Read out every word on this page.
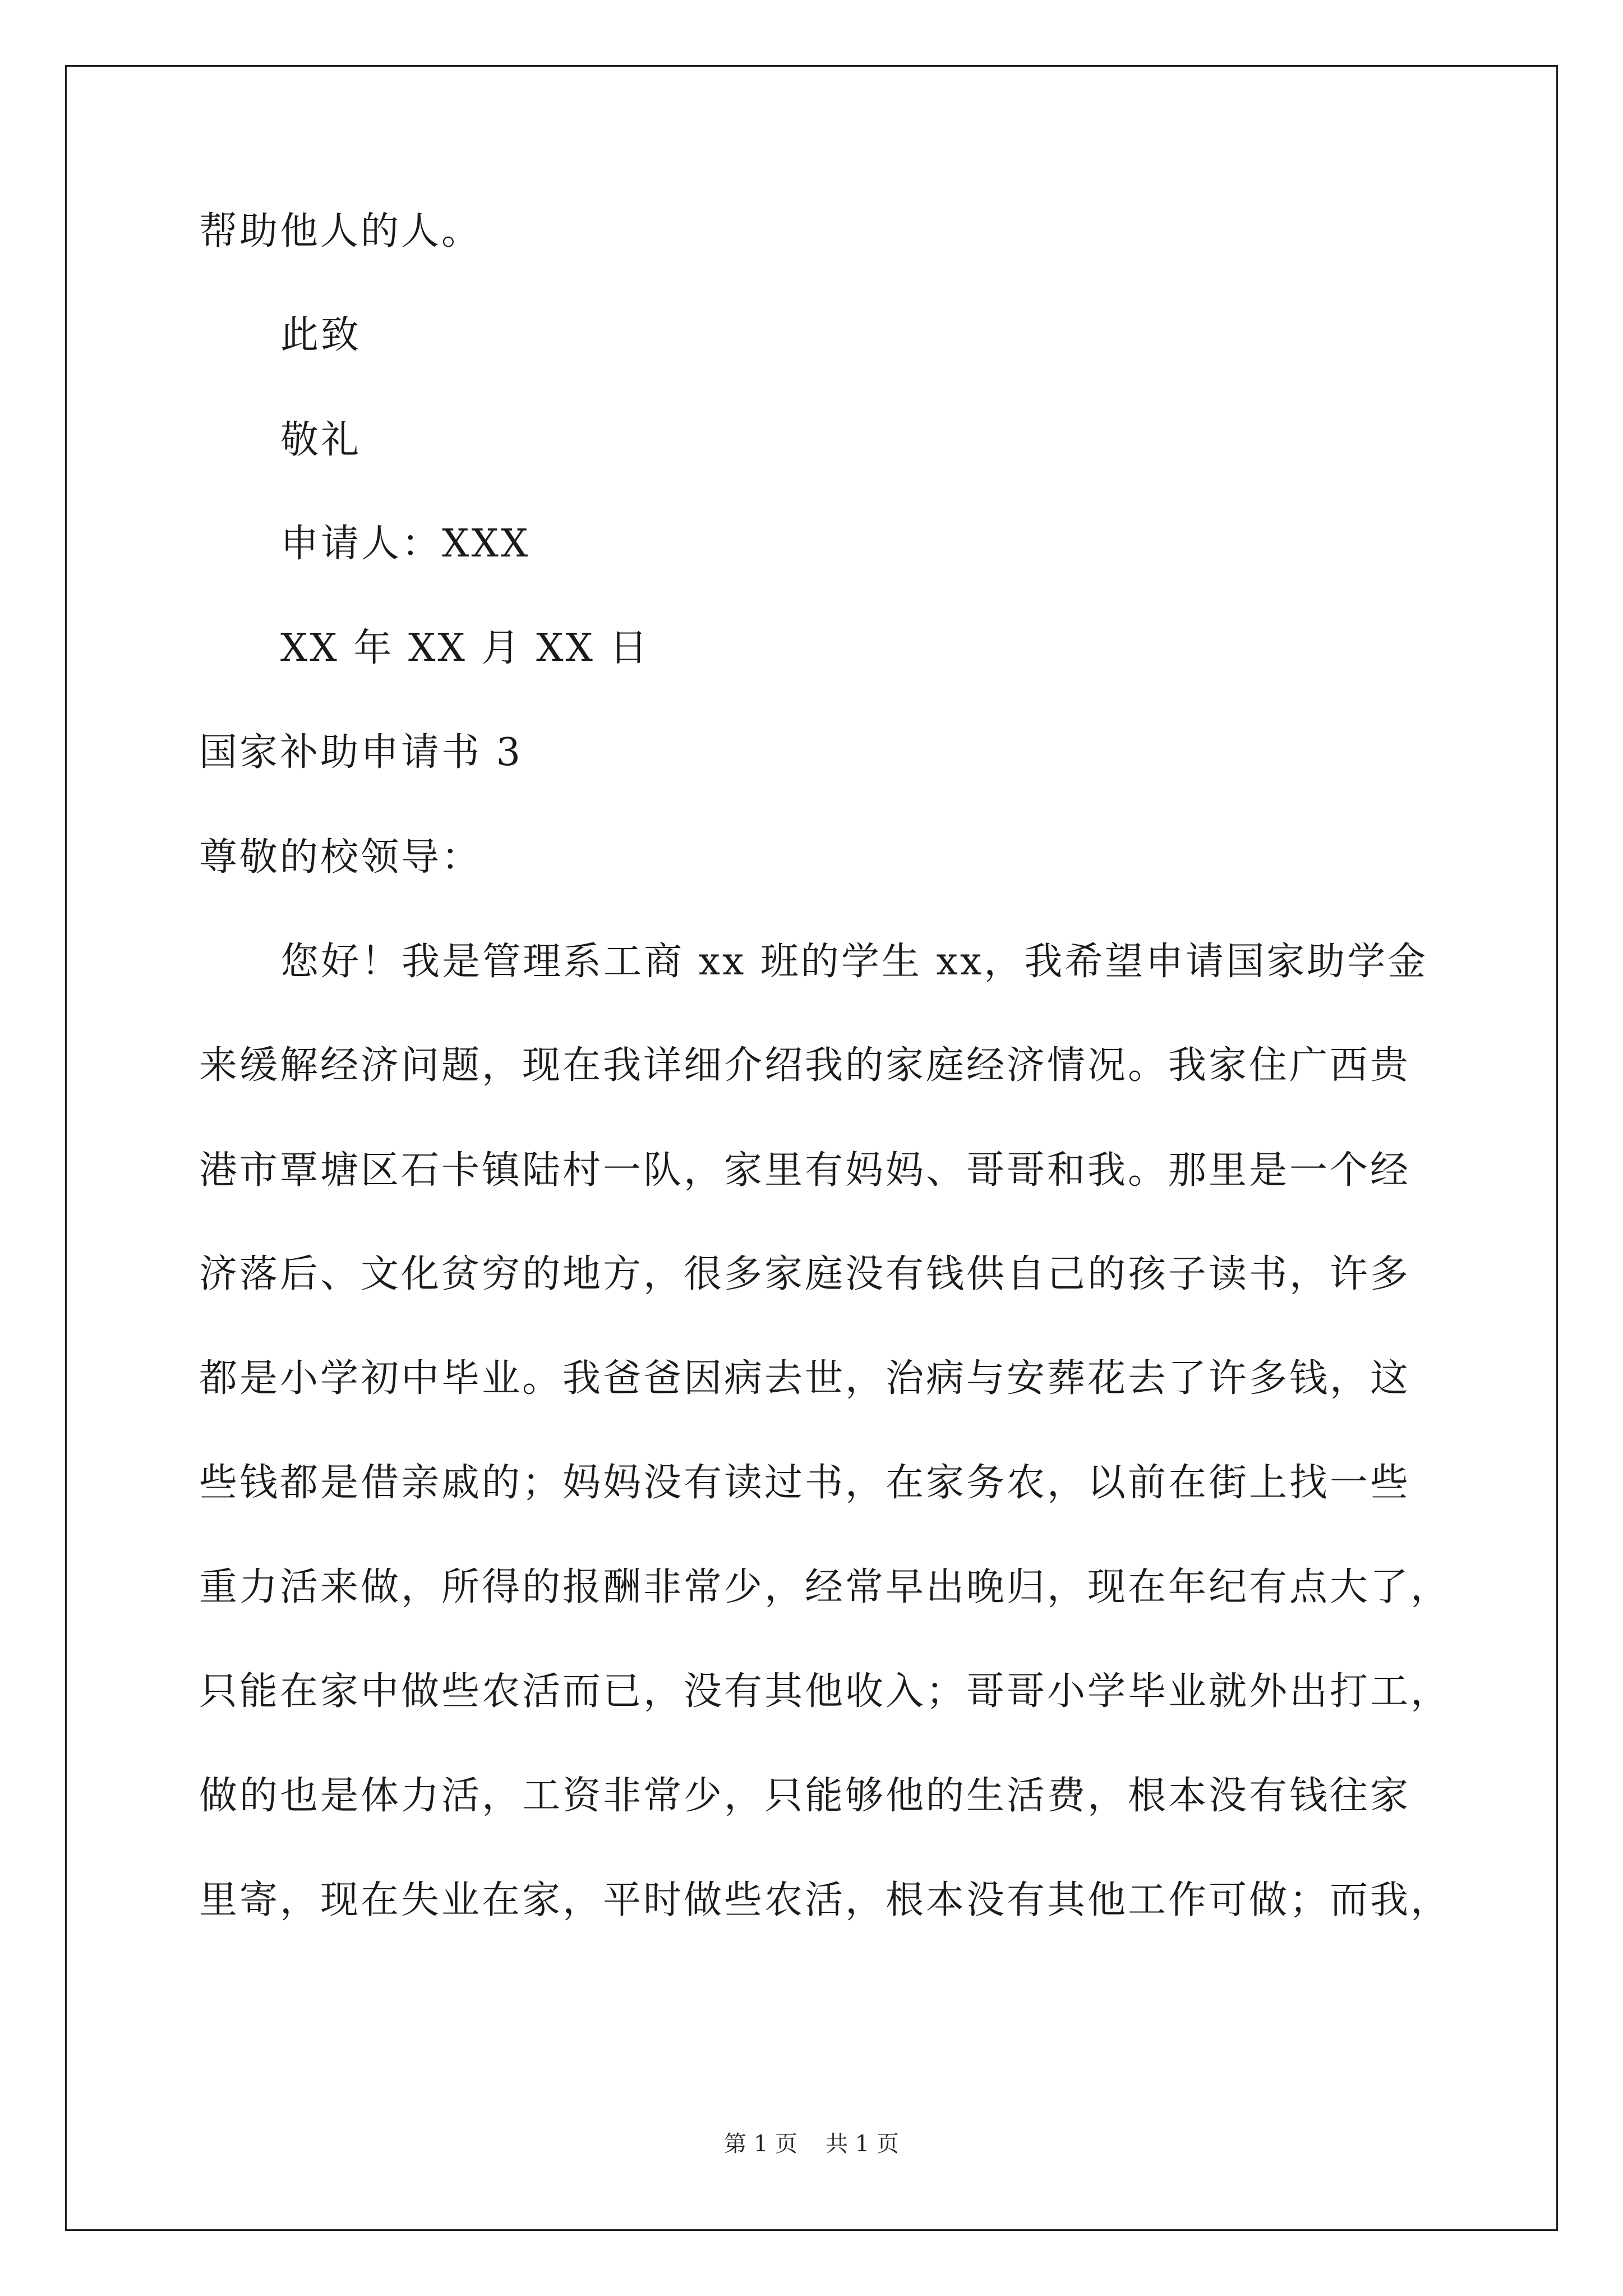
帮助他人的人。
此致
敬礼
申请人：XXX
XX 年 XX 月 XX 日
国家补助申请书 3
尊敬的校领导：
您好！我是管理系工商 xx 班的学生 xx，我希望申请国家助学金
来缓解经济问题，现在我详细介绍我的家庭经济情况。我家住广西贵
港市覃塘区石卡镇陆村一队，家里有妈妈、哥哥和我。那里是一个经
济落后、文化贫穷的地方，很多家庭没有钱供自己的孩子读书，许多
都是小学初中毕业。我爸爸因病去世，治病与安葬花去了许多钱，这
些钱都是借亲戚的；妈妈没有读过书，在家务农，以前在街上找一些
重力活来做，所得的报酬非常少，经常早出晚归，现在年纪有点大了，
只能在家中做些农活而已，没有其他收入；哥哥小学毕业就外出打工，
做的也是体力活，工资非常少，只能够他的生活费，根本没有钱往家
里寄，现在失业在家，平时做些农活，根本没有其他工作可做；而我，
第 1 页 共 1 页
